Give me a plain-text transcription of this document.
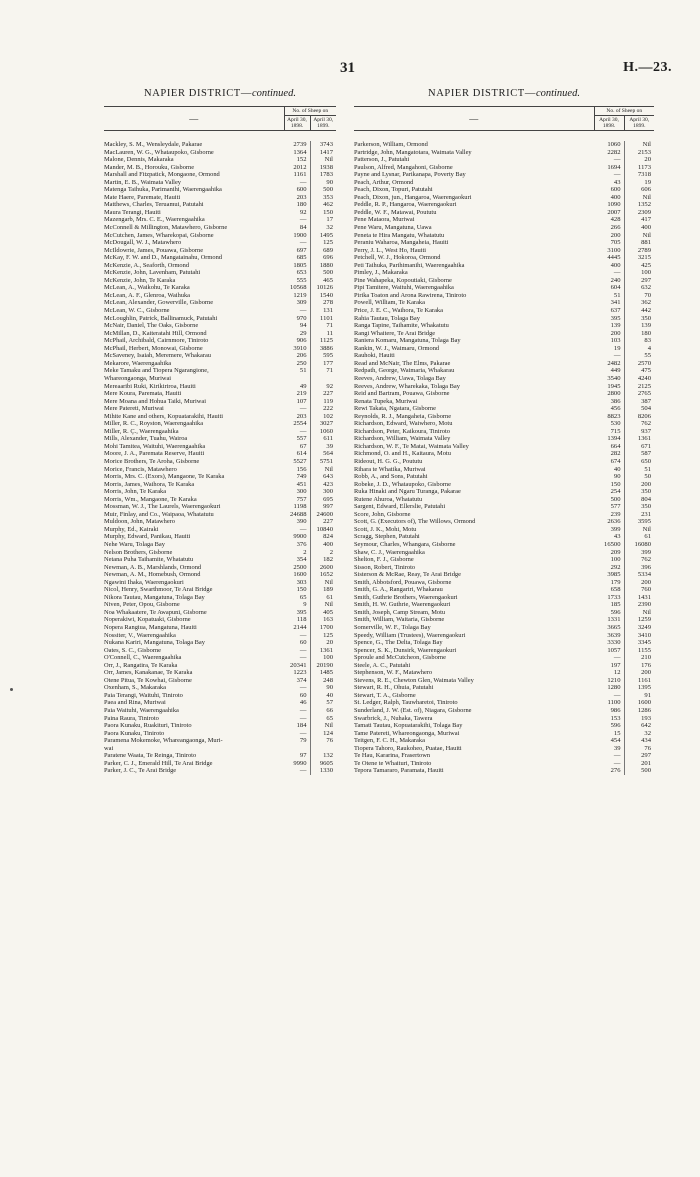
31	H.—23.
NAPIER DISTRICT—continued.
—	No. of Sheep on	
	April 30, 1898.	April 30, 1899.

Mackley, S. M., Wensleydale, Pakarae	2739	3743
MacLauren, W. G., Whataupoko, Gisborne	1364	1417
Malone, Dennis, Makaraka	152	Nil
Mander, M. B., Horouku, Gisborne	2012	1938
Marshall and Fitzpatick, Mongaone, Ormond	1161	1783
Martin, E. B., Waimata Valley	—	90
Matenga Taihuka, Parimanihi, Waerengaahika	600	500
Mate Haere, Paremate, Hauiti	203	353
Matthews, Charles, Teruamui, Patutahi	180	462
Maura Terangi, Hauiti	92	150
Mazengarb, Mrs. C. E., Waerengaahika	—	17
McConnell & Millington, Matawhero, Gisborne	84	32
McCutchen, James, Wharekopai, Gisborne	1900	1495
McDougall, W. J., Matawhero	—	125
McIldowrie, James, Pouawa, Gisborne	697	689
McKay, F. W. and D., Mangatainahu, Ormond	685	696
McKenzie, A., Seaforth, Ormond	1805	1880
McKenzie, John, Lavenham, Patutahi	653	500
McKenzie, John, Te Karaka	555	465
McLean, A., Waikohu, Te Karaka	10568	10126
McLean, A. F., Glenroa, Waihuka	1219	1540
McLean, Alexander, Gowerville, Gisborne	309	278
McLean, W. C., Gisborne	—	131
McLoughlin, Patrick, Ballinamuck, Patutahi	970	1101
McNair, Daniel, The Oaks, Gisborne	94	71
McMillan, D., Kaiteratahi Hill, Ormond	29	11
McPhail, Archibald, Cairnmore, Tiniroto	906	1125
McPhail, Herbert, Monowai, Gisborne	3910	3886
McSaveney, Isaiah, Meremere, Whakarau	206	595
Mekarore, Waerengaahika	250	177
Meke Tamaku and Tiopera Ngarangione,	51	71
Whareongaonga, Muriwai		
Mereaaribi Ruki, Kirikiriroa, Hauiti	49	92
Mere Koura, Paremata, Hauiti	219	227
Mere Moana and Hohua Taiki, Muriwai	107	119
Mere Patereti, Muriwai	—	222
Mihite Kane and others, Kopuatarakihi, Hauiti	203	102
Miller, R. C., Royston, Waerengaahika	2554	3027
Miller, R. Ç., Waerengaahika	—	1060
Mills, Alexander, Tuahu, Wairoa	557	611
Mohi Tamitea, Waituhi, Waerengaahika	67	39
Moore, J. A., Paremata Reserve, Hauiti	614	564
Morice Brothers, Te Aroha, Gisborne	5527	5751
Morice, Francis, Matawhero	156	Nil
Morris, Mrs. C. (Exors), Mangaone, Te Karaka	749	643
Morris, James, Waihora, Te Karaka	451	423
Morris, John, Te Karaka	300	300
Morris, Wm., Mangaone, Te Karaka	757	695
Mossman, W. J., The Laurels, Waerengaokuri	1198	997
Muir, Finlay, and Co., Waipaoa, Whatatutu	24688	24600
Muldoon, John, Matawhero	390	227
Murphy, Ed., Kairaki	—	10840
Murphy, Edward, Panikau, Hauiti	9900	824
Nehe Waru, Tolaga Bay	376	400
Nelson Brothers, Gisborne	2	2
Netana Puha Taihamite, Whatatutu	354	182
Newman, A. B., Marshlands, Ormond	2500	2600
Newman, A. M., Homebush, Ormond	1600	1652
Ngawini Ihaka, Waerengaokuri	303	Nil
Nicol, Henry, Swarthmoor, Te Arai Bridge	150	189
Nikora Tautau, Mangatuna, Tolaga Bay	65	61
Niven, Peter, Opou, Gisborne	9	Nil
Noa Whakaatere, Te Awapuni, Gisborne	395	405
Noperakiwi, Kopatuaki, Gisborne	118	163
Nopera Rangiua, Mangatuna, Hauiti	2144	1700
Nossiter, V., Waerengaahika	—	125
Nukana Kariri, Mangatuna, Tolaga Bay	60	20
Oates, S. C., Gisborne	—	1361
O'Connell, C., Waerengaahika	—	100
Orr, J., Rangatira, Te Karaka	20341	20190
Orr, James, Kanakanae, Te Karaka	1223	1485
Otene Pitua, Te Kowhai, Gisborne	374	248
Oxenham, S., Makaraka	—	90
Paia Terangi, Waituhi, Tiniroto	60	40
Paea and Rina, Muriwai	46	57
Paia Waituhi, Waerengaahika	—	66
Paina Raura, Tiniroto	—	65
Paora Kunaku, Ruakituri, Tiniroto	184	Nil
Paora Kunaku, Tiniroto	—	124
Paramena Mokemoke, Whareangaonga, Muri-	79	76
wai		
Paratene Waata, Te Reinga, Tiniroto	97	132
Parker, C. J., Emerald Hill, Te Arai Bridge	9990	9605
Parker, J. C., Te Arai Bridge	—	1330
NAPIER DISTRICT—continued.
—	No. of Sheep on	
	April 30, 1898.	April 30, 1899.

Parkerson, William, Ormond	1060	Nil
Partridge, John, Mangatotara, Waimata Valley	2282	2153
Patterson, J., Patutahi	—	20
Paulson, Alfred, Mangahoni, Gisborne	1694	1173
Payne and Lysnar, Parikanapa, Poverty Bay	—	7318
Peach, Arthur, Ormond	43	19
Peach, Dixon, Topuri, Patutahi	600	606
Peach, Dixon, jun., Hangaroa, Waerengaokuri	400	Nil
Peddle, R. P., Hangaroa, Waerengaokuri	1090	1352
Peddle, W. F., Matawai, Poututu	2007	2309
Pene Mataora, Muriwai	428	417
Pene Waru, Mangatuna, Uawa	266	400
Peneta te Hira Mangatu, Whatatutu	200	Nil
Peraniu Waharoa, Mangaheia, Hauiti	705	881
Perry, J. L., West Ho, Hauiti	3100	2789
Petchell, W. J., Hokoroa, Ormond	4445	3215
Peti Taihuka, Parihimanihi, Waerengaahika	400	425
Pimley, J., Makaraka	—	100
Pine Wahapeka, Kopoutiaki, Gisborne	240	297
Pipi Tamitere, Waituhi, Waerengaahika	604	632
Pirika Toaton and Arona Rawirena, Tiniroto	51	70
Powell, William, Te Karaka	341	362
Price, J. E. C., Waihora, Te Karaka	637	442
Rahia Tautau, Tolaga Bay	395	350
Ranga Tapine, Taihamite, Whakatutu	139	139
Rangi Whaitere, Te Arai Bridge	200	180
Raniera Komaru, Mangatuna, Tolaga Bay	103	83
Rankin, W. J., Waimaru, Ormond	19	4
Rauhoki, Hauiti	—	55
Read and McNair, The Elms, Pakarae	2482	2570
Redpath, George, Waimaria, Whakarau	449	475
Reeves, Andrew, Uawa, Tolaga Bay	3540	4240
Reeves, Andrew, Wharekaka, Tolaga Bay	1945	2125
Reid and Bartram, Pouawa, Gisborne	2800	2765
Renata Tupeka, Muriwai	386	387
Rewi Takata, Ngatara, Gisborne	456	504
Reynolds, R. J., Mangaheia, Gisborne	8823	8206
Richardson, Edward, Waiwhero, Motu	530	762
Richardson, Peter, Kaikoura, Tiniroto	715	937
Richardson, William, Waimata Valley	1394	1361
Richardson, W. F., Te Matai, Waimata Valley	664	671
Richmond, O. and H., Kaitaura, Motu	282	587
Rideout, H. G. G., Poututu	674	650
Rihara te Whatika, Muriwai	40	51
Robb, A., and Sons, Patutahi	90	50
Robeke, J. D., Whataupoko, Gisborne	150	200
Ruka Hinaki and Ngaru Turanga, Pakarae	254	350
Rutene Ahuroa, Whatatutu	500	804
Sargent, Edward, Ellerslie, Patutahi	577	350
Score, John, Gisborne	239	231
Scott, G. (Executors of), The Willows, Ormond	2636	3595
Scott, J. K., Mohi, Motu	399	Nil
Scragg, Stephen, Patutahi	43	61
Seymour, Charles, Whangara, Gisborne	16500	16080
Shaw, C. J., Waerengaahika	209	399
Shelton, F. J., Gisborne	100	762
Sisson, Robert, Tiniroto	292	396
Sisterson & McRae, Reay, Te Arai Bridge	3985	5334
Smith, Abbotsford, Pouawa, Gisborne	179	200
Smith, G. A., Rangariri, Whakarau	658	760
Smith, Guthrie Brothers, Waerengaokuri	1733	1431
Smith, H. W. Guthrie, Waerengaokuri	185	2390
Smith, Joseph, Camp Stream, Motu	596	Nil
Smith, William, Waitaria, Gisborne	1331	1259
Somerville, W. F., Tolaga Bay	3665	3249
Speedy, William (Trustees), Waerengaokuri	3639	3410
Spence, G., The Delta, Tolaga Bay	3330	3345
Spencer, S. K., Dunsirk, Waerengaokuri	1057	1155
Sproule and McCutcheon, Gisborne	—	210
Steele, A. C., Patutahi	197	176
Stephenson, W. F., Matawhero	12	200
Stevens, R. E., Chewton Glen, Waimata Valley	1210	1161
Stewart, R. H., Ohuia, Patutahi	1280	1395
Stewart, T. A., Gisborne	—	91
St. Ledger, Ralph, Tauwharetoi, Tiniroto	1100	1600
Sunderland, J. W. (Est. of), Niagara, Gisborne	986	1286
Swarbrick, J., Nuhaka, Tawera	153	193
Tamati Tautau, Kopuatarakihi, Tolaga Bay	596	642
Tame Patereti, Whareongaonga, Muriwai	15	32
Teitgen, F. C. H., Makaraka	454	434
Tiopera Tahoro, Raukoheo, Puatae, Hauiti	39	76
Te Hau, Kararina, Frasertown	—	297
Te Otene te Whaituri, Tiniroto	—	201
Tepora Tamararo, Paramata, Hauiti	276	500
